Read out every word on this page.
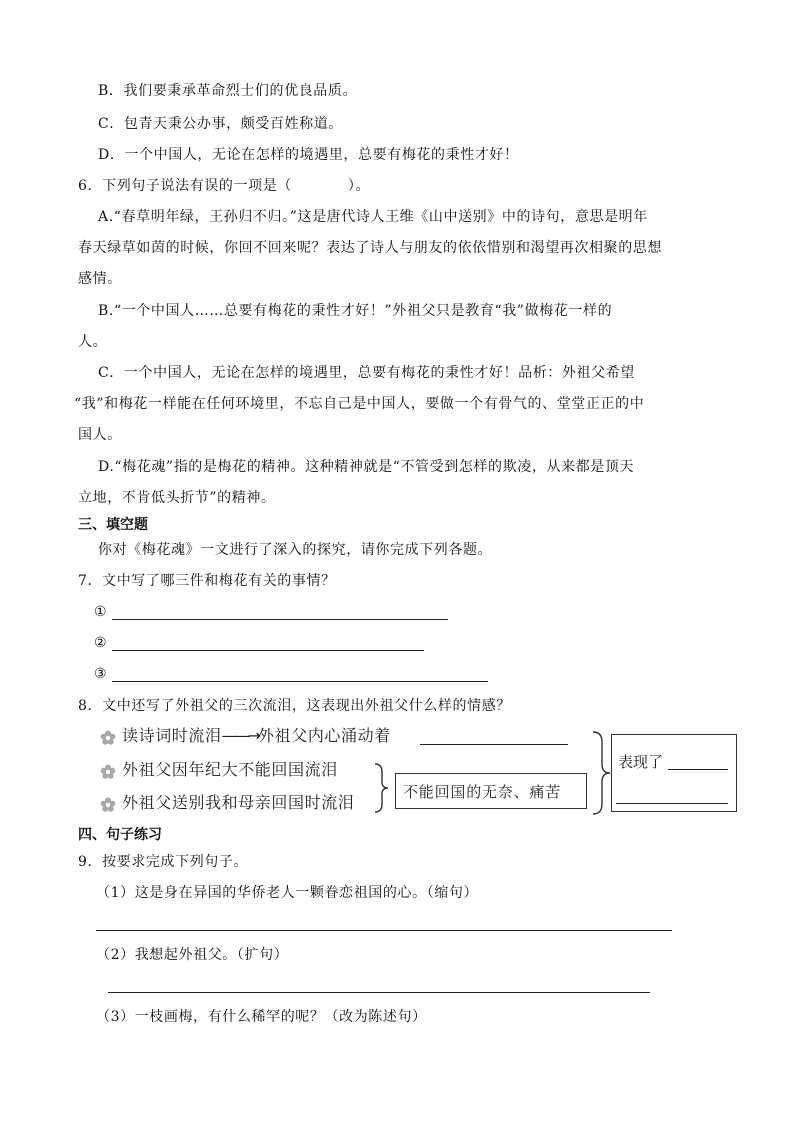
B．我们要秉承革命烈士们的优良品质。
C．包青天秉公办事，颇受百姓称道。
D．一个中国人，无论在怎样的境遇里，总要有梅花的秉性才好！
6．下列句子说法有误的一项是（	）。
A.“春草明年绿，王孙归不归。”这是唐代诗人王维《山中送别》中的诗句，意思是明年
春天绿草如茵的时候，你回不回来呢？表达了诗人与朋友的依依惜别和渴望再次相聚的思想
感情。
B.“一个中国人……总要有梅花的秉性才好！”外祖父只是教育“我”做梅花一样的
人。
C．一个中国人，无论在怎样的境遇里，总要有梅花的秉性才好！品析：外祖父希望
“我”和梅花一样能在任何环境里，不忘自己是中国人，要做一个有骨气的、堂堂正正的中
国人。
D.“梅花魂”指的是梅花的精神。这种精神就是“不管受到怎样的欺凌，从来都是顶天
立地，不肯低头折节”的精神。
三、填空题
你对《梅花魂》一文进行了深入的探究，请你完成下列各题。
7．文中写了哪三件和梅花有关的事情？
①
②
③
8．文中还写了外祖父的三次流泪，这表现出外祖父什么样的情感？
读诗词时流泪——→外祖父内心涌动着
外祖父因年纪大不能回国流泪
外祖父送别我和母亲回国时流泪
不能回国的无奈、痛苦
表现了
四、句子练习
9．按要求完成下列句子。
（1）这是身在异国的华侨老人一颗眷恋祖国的心。（缩句）
（2）我想起外祖父。（扩句）
（3）一枝画梅，有什么稀罕的呢？（改为陈述句）
